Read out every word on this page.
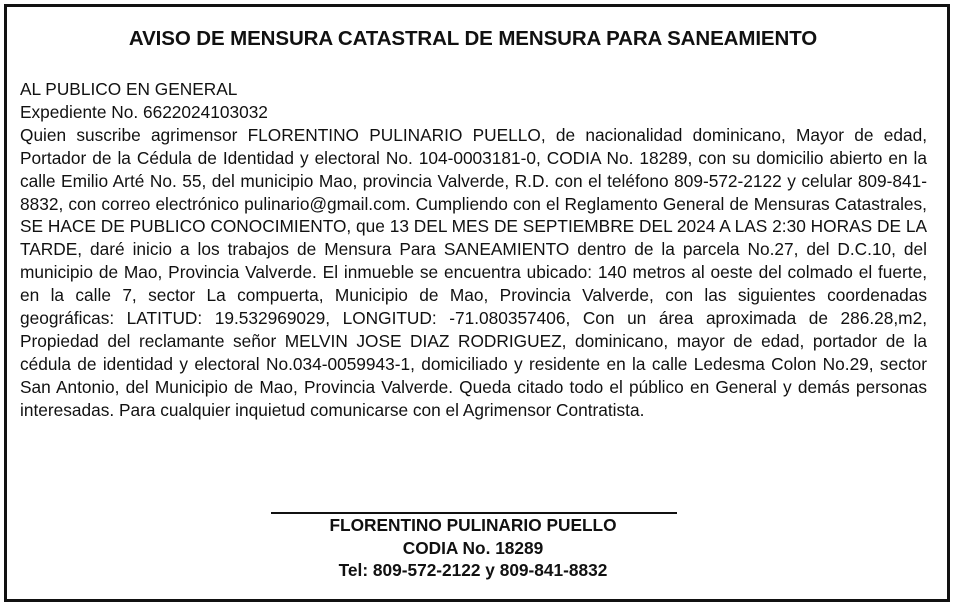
AVISO DE MENSURA CATASTRAL DE MENSURA PARA SANEAMIENTO
AL PUBLICO EN GENERAL
Expediente No. 6622024103032
Quien suscribe agrimensor FLORENTINO PULINARIO PUELLO, de nacionalidad dominicano, Mayor de edad, Portador de la Cédula de Identidad y electoral No. 104-0003181-0, CODIA No. 18289, con su domicilio abierto en la calle Emilio Arté No. 55, del municipio Mao, provincia Valverde, R.D. con el teléfono 809-572-2122 y celular 809-841-8832, con correo electrónico pulinario@gmail.com. Cumpliendo con el Reglamento General de Mensuras Catastrales, SE HACE DE PUBLICO CONOCIMIENTO, que 13 DEL MES DE SEPTIEMBRE DEL 2024 A LAS 2:30 HORAS DE LA TARDE, daré inicio a los trabajos de Mensura Para SANEAMIENTO dentro de la parcela No.27, del D.C.10, del municipio de Mao, Provincia Valverde. El inmueble se encuentra ubicado: 140 metros al oeste del colmado el fuerte, en la calle 7, sector La compuerta, Municipio de Mao, Provincia Valverde, con las siguientes coordenadas geográficas: LATITUD: 19.532969029, LONGITUD: -71.080357406, Con un área aproximada de 286.28,m2, Propiedad del reclamante señor MELVIN JOSE DIAZ RODRIGUEZ, dominicano, mayor de edad, portador de la cédula de identidad y electoral No.034-0059943-1, domiciliado y residente en la calle Ledesma Colon No.29, sector San Antonio, del Municipio de Mao, Provincia Valverde. Queda citado todo el público en General y demás personas interesadas. Para cualquier inquietud comunicarse con el Agrimensor Contratista.
FLORENTINO PULINARIO PUELLO
CODIA No. 18289
Tel: 809-572-2122 y 809-841-8832
